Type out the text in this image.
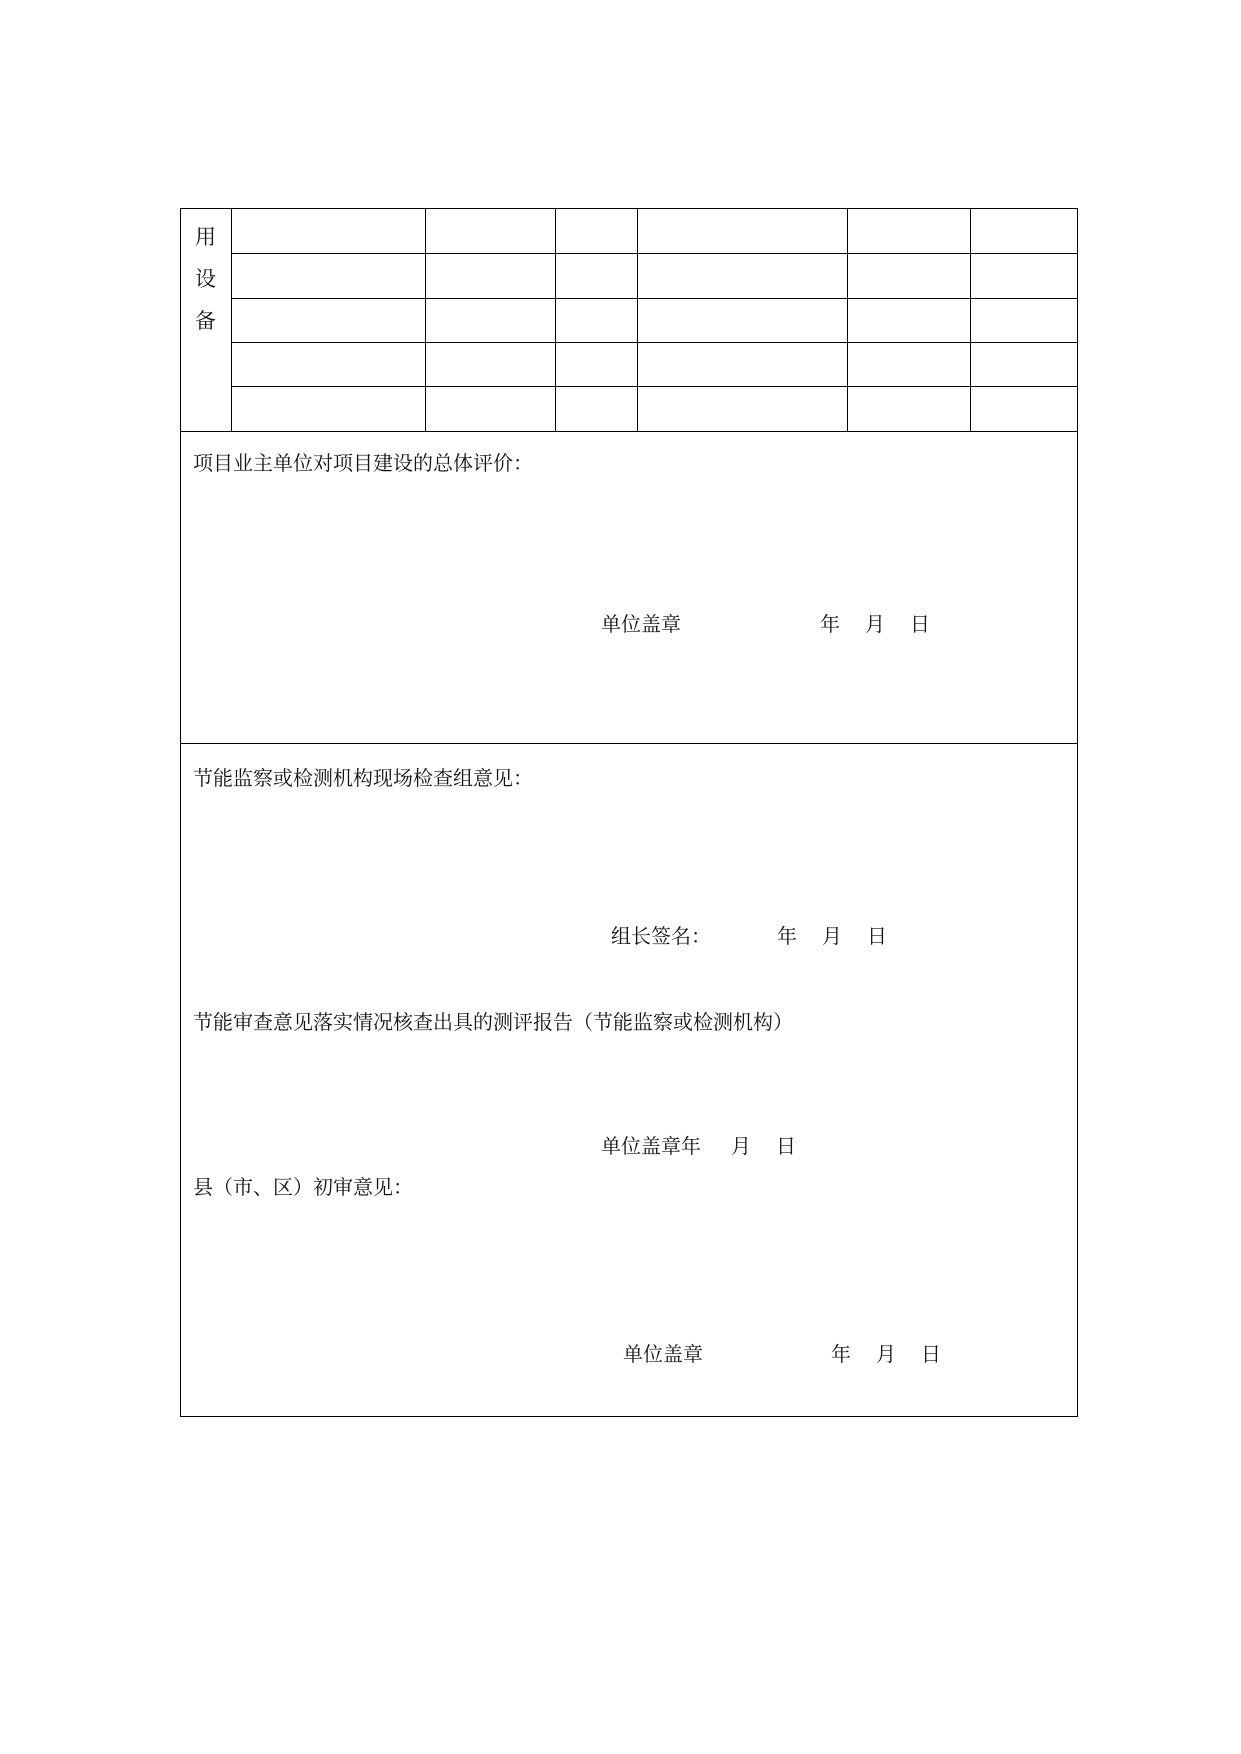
用
设
备
项目业主单位对项目建设的总体评价：
单位盖章	年 月 日
节能监察或检测机构现场检查组意见：
组长签名：	年 月 日
节能审查意见落实情况核查出具的测评报告（节能监察或检测机构）
单位盖章年 月 日
县（市、区）初审意见：
单位盖章	年 月 日
